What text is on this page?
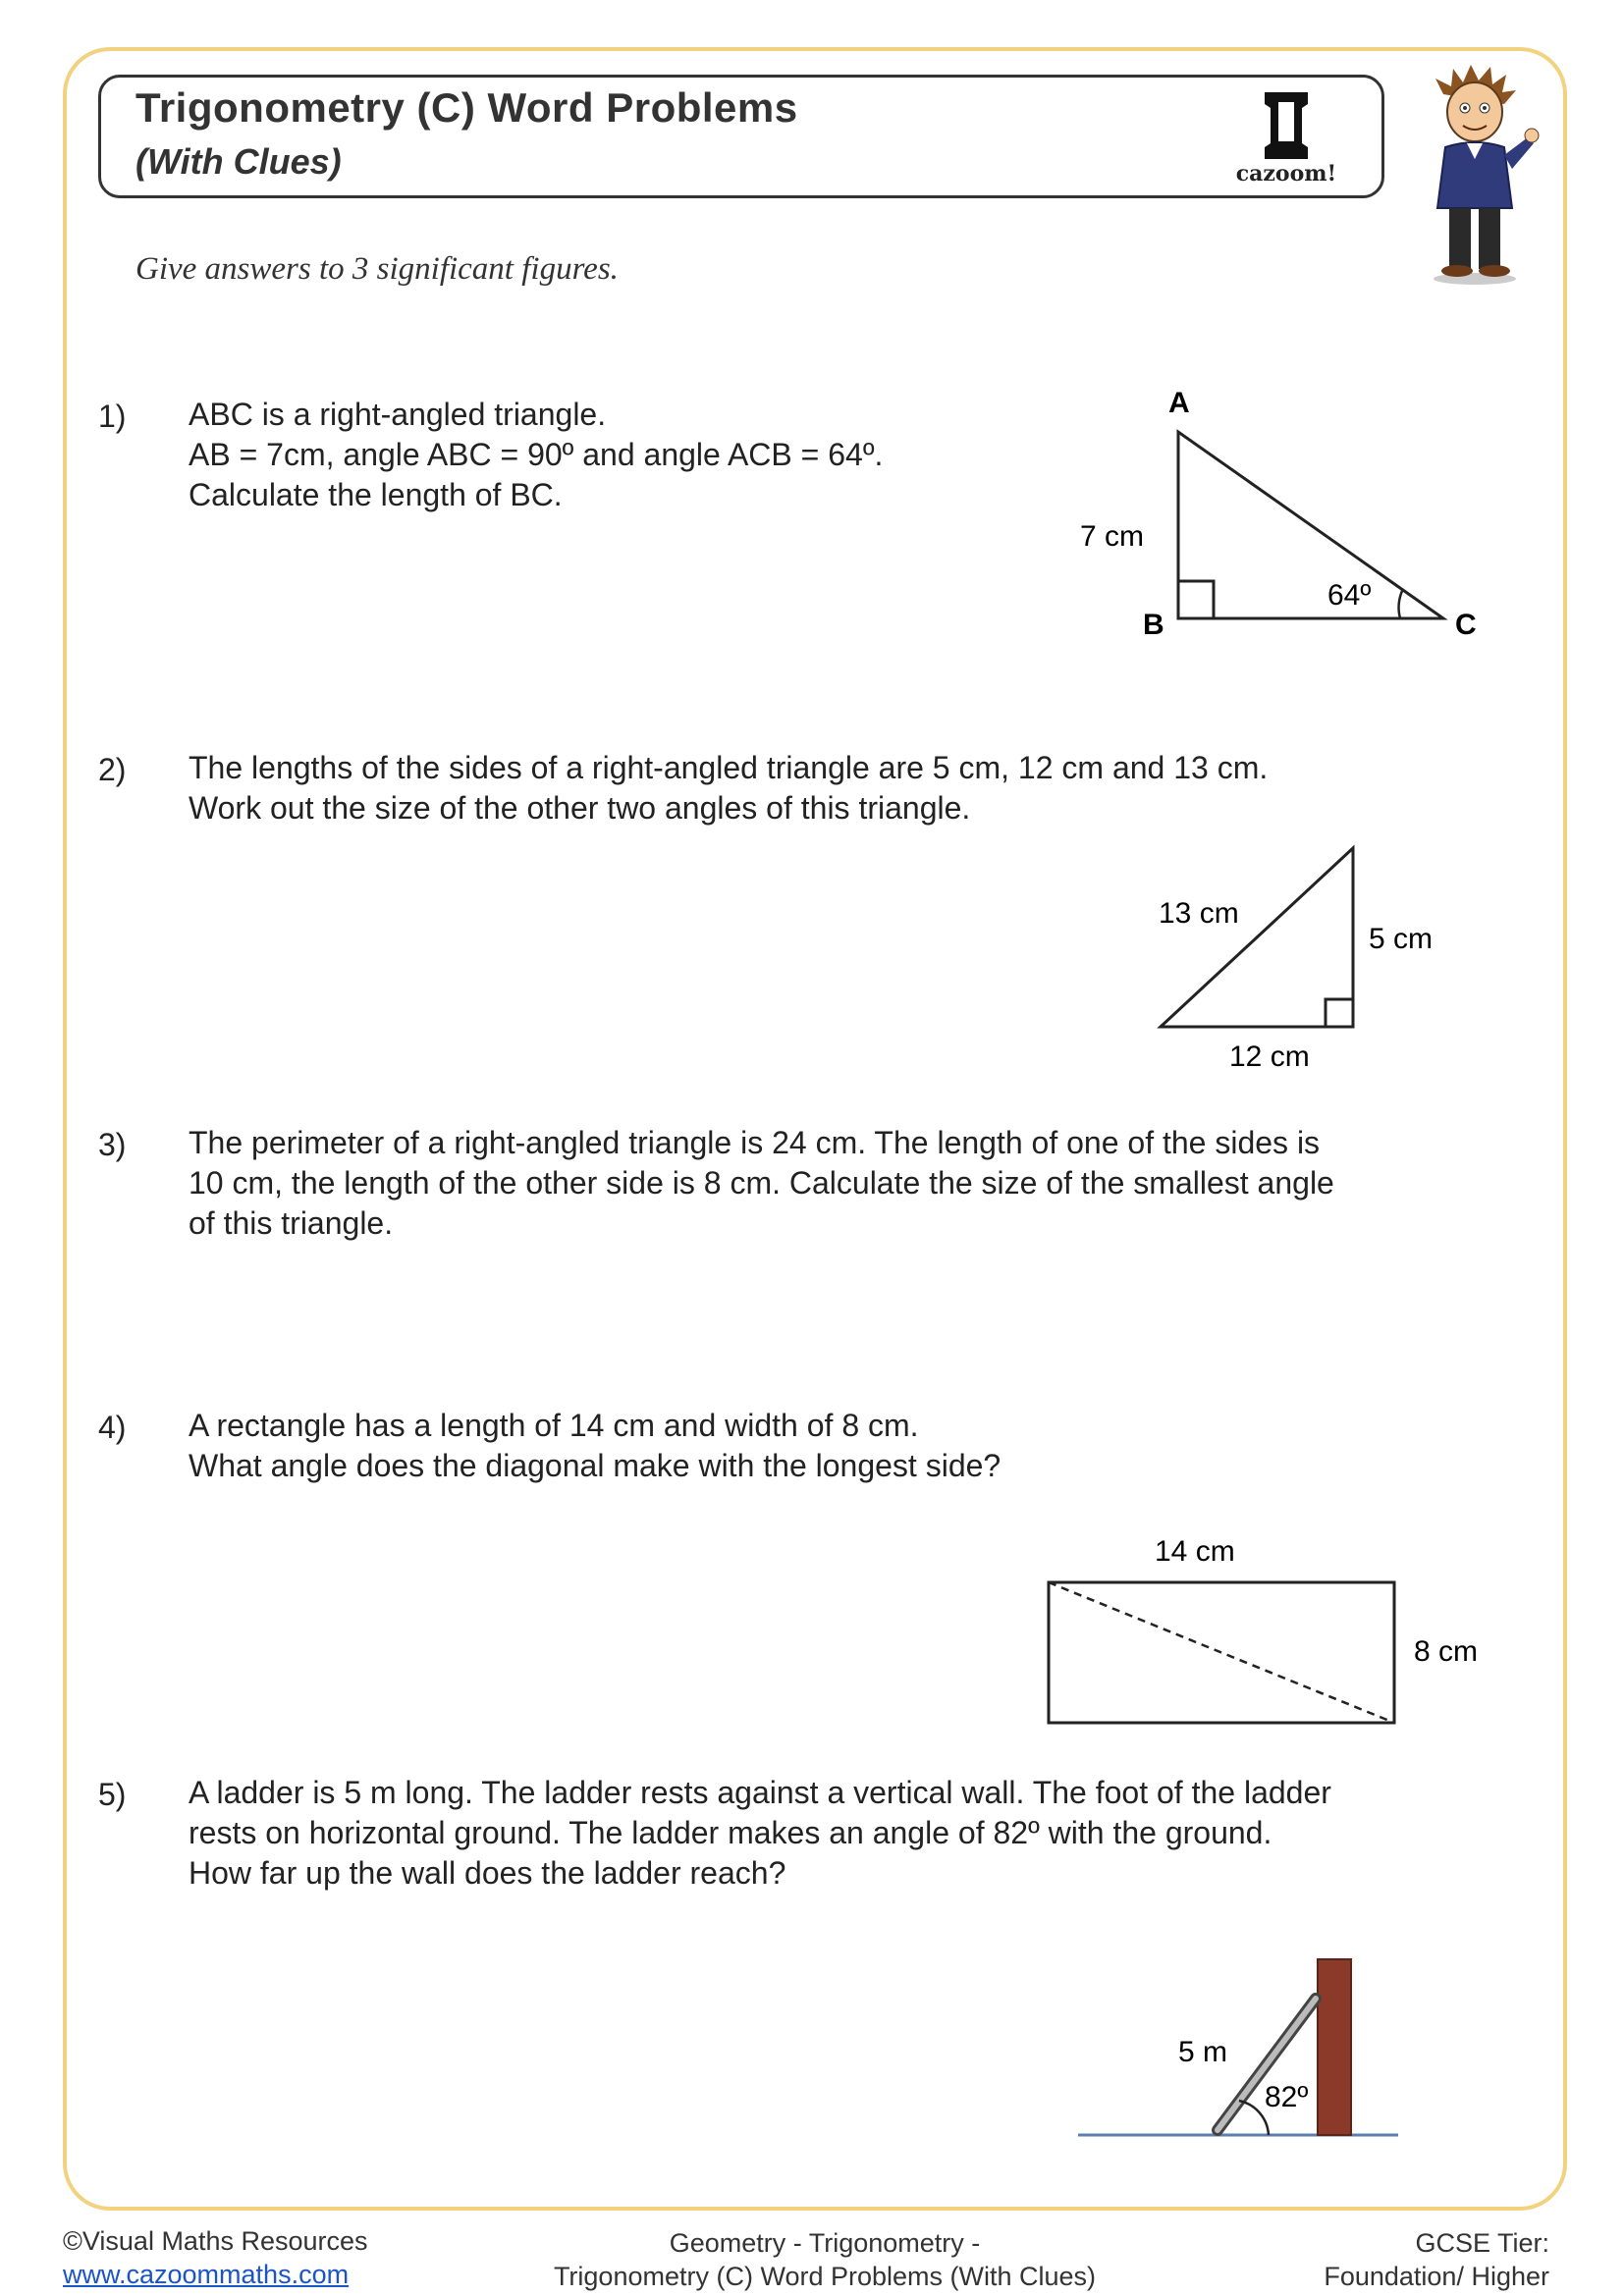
Trigonometry (C) Word Problems
(With Clues)	cazoom!
Give answers to 3 significant figures.
1) ABC is a right-angled triangle.
AB = 7cm, angle ABC = 90º and angle ACB = 64º.
Calculate the length of BC.
2) The lengths of the sides of a right-angled triangle are 5 cm, 12 cm and 13 cm.
Work out the size of the other two angles of this triangle.
3) The perimeter of a right-angled triangle is 24 cm. The length of one of the sides is
10 cm, the length of the other side is 8 cm. Calculate the size of the smallest angle
of this triangle.
4) A rectangle has a length of 14 cm and width of 8 cm.
What angle does the diagonal make with the longest side?
5) A ladder is 5 m long. The ladder rests against a vertical wall. The foot of the ladder
rests on horizontal ground. The ladder makes an angle of 82º with the ground.
How far up the wall does the ladder reach?
A
B	C
7 cm
64º
13 cm
5 cm
12 cm
14 cm
8 cm
5 m
82º
©Visual Maths Resources
www.cazoommaths.com
Geometry - Trigonometry -
Trigonometry (C) Word Problems (With Clues)
GCSE Tier:
Foundation/ Higher
